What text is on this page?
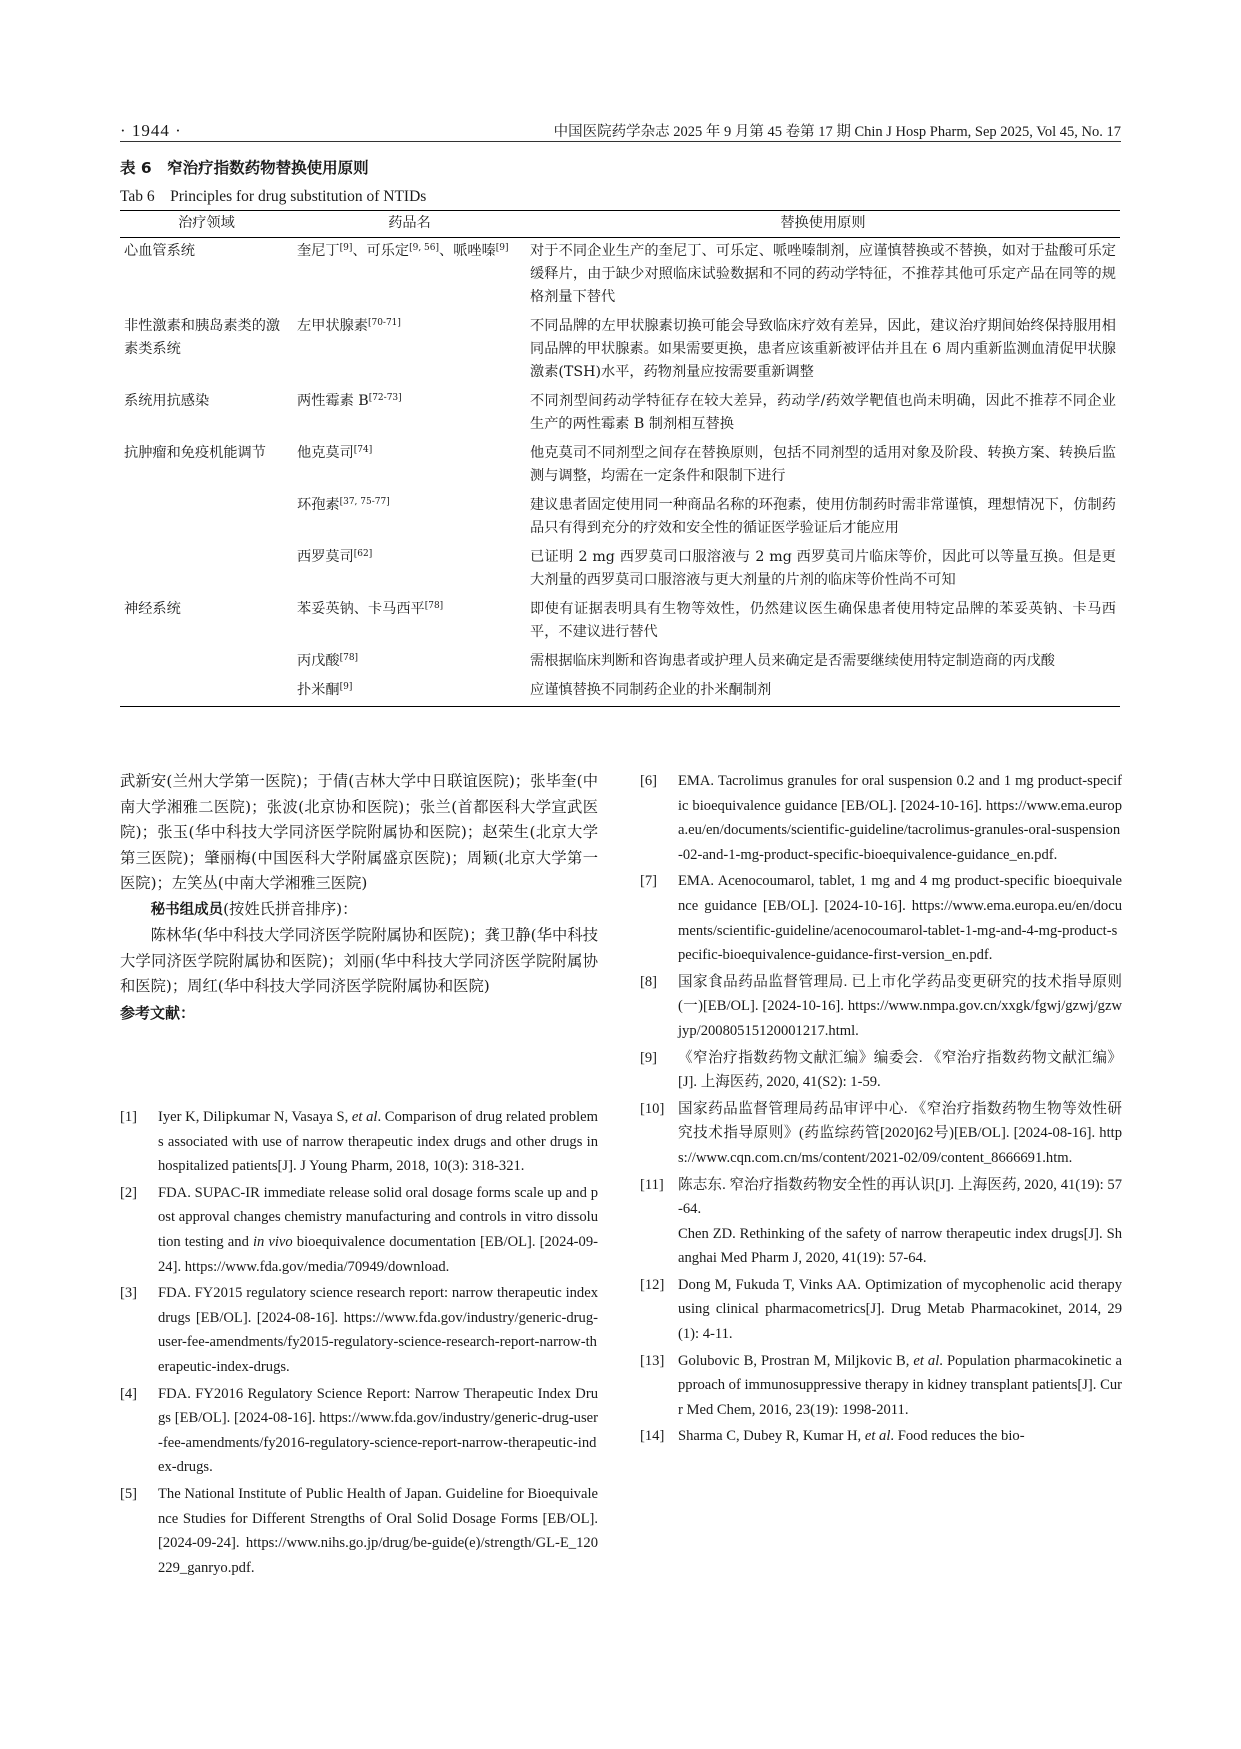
· 1944 ·	中国医院药学杂志 2025 年 9 月第 45 卷第 17 期 Chin J Hosp Pharm, Sep 2025, Vol 45, No. 17
表 6　窄治疗指数药物替换使用原则
Tab 6　Principles for drug substitution of NTIDs
治疗领域	药品名	替换使用原则
心血管系统	奎尼丁[9]、可乐定[9, 56]、哌唑嗪[9]	对于不同企业生产的奎尼丁、可乐定、哌唑嗪制剂，应谨慎替换或不替换，如对于盐酸可乐定缓释片，由于缺少对照临床试验数据和不同的药动学特征，不推荐其他可乐定产品在同等的规格剂量下替代
非性激素和胰岛素类的激素类系统	左甲状腺素[70-71]	不同品牌的左甲状腺素切换可能会导致临床疗效有差异，因此，建议治疗期间始终保持服用相同品牌的甲状腺素。如果需要更换，患者应该重新被评估并且在 6 周内重新监测血清促甲状腺激素(TSH)水平，药物剂量应按需要重新调整
系统用抗感染	两性霉素 B[72-73]	不同剂型间药动学特征存在较大差异，药动学/药效学靶值也尚未明确，因此不推荐不同企业生产的两性霉素 B 制剂相互替换
抗肿瘤和免疫机能调节	他克莫司[74]	他克莫司不同剂型之间存在替换原则，包括不同剂型的适用对象及阶段、转换方案、转换后监测与调整，均需在一定条件和限制下进行
	环孢素[37, 75-77]	建议患者固定使用同一种商品名称的环孢素，使用仿制药时需非常谨慎，理想情况下，仿制药品只有得到充分的疗效和安全性的循证医学验证后才能应用
	西罗莫司[62]	已证明 2 mg 西罗莫司口服溶液与 2 mg 西罗莫司片临床等价，因此可以等量互换。但是更大剂量的西罗莫司口服溶液与更大剂量的片剂的临床等价性尚不可知
神经系统	苯妥英钠、卡马西平[78]	即使有证据表明具有生物等效性，仍然建议医生确保患者使用特定品牌的苯妥英钠、卡马西平，不建议进行替代
	丙戊酸[78]	需根据临床判断和咨询患者或护理人员来确定是否需要继续使用特定制造商的丙戊酸
	扑米酮[9]	应谨慎替换不同制药企业的扑米酮制剂

武新安(兰州大学第一医院)；于倩(吉林大学中日联谊医院)；张毕奎(中南大学湘雅二医院)；张波(北京协和医院)；张兰(首都医科大学宣武医院)；张玉(华中科技大学同济医学院附属协和医院)；赵荣生(北京大学第三医院)；肇丽梅(中国医科大学附属盛京医院)；周颖(北京大学第一医院)；左笑丛(中南大学湘雅三医院)

秘书组成员(按姓氏拼音排序)：

陈林华(华中科技大学同济医学院附属协和医院)；龚卫静(华中科技大学同济医学院附属协和医院)；刘丽(华中科技大学同济医学院附属协和医院)；周红(华中科技大学同济医学院附属协和医院)

参考文献：

[1]	Iyer K, Dilipkumar N, Vasaya S, et al. Comparison of drug related problems associated with use of narrow therapeutic index drugs and other drugs in hospitalized patients[J]. J Young Pharm, 2018, 10(3): 318-321.
[2]	FDA. SUPAC-IR immediate release solid oral dosage forms scale up and post approval changes chemistry manufacturing and controls in vitro dissolution testing and in vivo bioequivalence documentation [EB/OL]. [2024-09-24]. https://www.fda.gov/media/70949/download.
[3]	FDA. FY2015 regulatory science research report: narrow therapeutic index drugs [EB/OL]. [2024-08-16]. https://www.fda.gov/industry/generic-drug-user-fee-amendments/fy2015-regulatory-science-research-report-narrow-therapeutic-index-drugs.
[4]	FDA. FY2016 Regulatory Science Report: Narrow Therapeutic Index Drugs [EB/OL]. [2024-08-16]. https://www.fda.gov/industry/generic-drug-user-fee-amendments/fy2016-regulatory-science-report-narrow-therapeutic-index-drugs.
[5]	The National Institute of Public Health of Japan. Guideline for Bioequivalence Studies for Different Strengths of Oral Solid Dosage Forms [EB/OL]. [2024-09-24]. https://www.nihs.go.jp/drug/be-guide(e)/strength/GL-E_120229_ganryo.pdf.
[6]	EMA. Tacrolimus granules for oral suspension 0.2 and 1 mg product-specific bioequivalence guidance [EB/OL]. [2024-10-16]. https://www.ema.europa.eu/en/documents/scientific-guideline/tacrolimus-granules-oral-suspension-02-and-1-mg-product-specific-bioequivalence-guidance_en.pdf.
[7]	EMA. Acenocoumarol, tablet, 1 mg and 4 mg product-specific bioequivalence guidance [EB/OL]. [2024-10-16]. https://www.ema.europa.eu/en/documents/scientific-guideline/acenocoumarol-tablet-1-mg-and-4-mg-product-specific-bioequivalence-guidance-first-version_en.pdf.
[8]	国家食品药品监督管理局. 已上市化学药品变更研究的技术指导原则(一)[EB/OL]. [2024-10-16]. https://www.nmpa.gov.cn/xxgk/fgwj/gzwj/gzwjyp/20080515120001217.html.
[9]	《窄治疗指数药物文献汇编》编委会. 《窄治疗指数药物文献汇编》[J]. 上海医药, 2020, 41(S2): 1-59.
[10] 国家药品监督管理局药品审评中心. 《窄治疗指数药物生物等效性研究技术指导原则》(药监综药管[2020]62号)[EB/OL]. [2024-08-16]. https://www.cqn.com.cn/ms/content/2021-02/09/content_8666691.htm.
[11] 陈志东. 窄治疗指数药物安全性的再认识[J]. 上海医药, 2020, 41(19): 57-64.
Chen ZD. Rethinking of the safety of narrow therapeutic index drugs[J]. Shanghai Med Pharm J, 2020, 41(19): 57-64.
[12] Dong M, Fukuda T, Vinks AA. Optimization of mycophenolic acid therapy using clinical pharmacometrics[J]. Drug Metab Pharmacokinet, 2014, 29(1): 4-11.
[13] Golubovic B, Prostran M, Miljkovic B, et al. Population pharmacokinetic approach of immunosuppressive therapy in kidney transplant patients[J]. Curr Med Chem, 2016, 23(19): 1998-2011.
[14] Sharma C, Dubey R, Kumar H, et al. Food reduces the bio-
